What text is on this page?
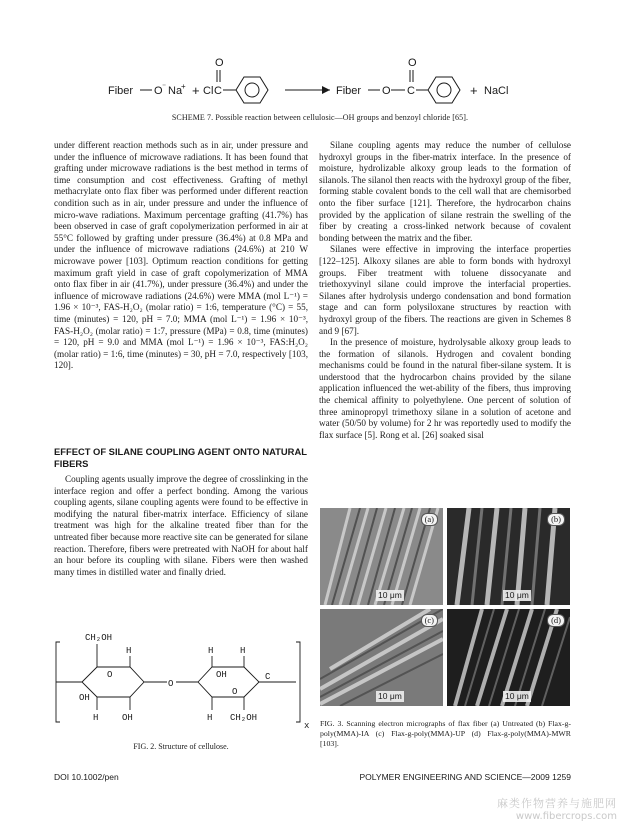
Fiber O ⁻ Na
+ + Cl C
O
Fiber O C
O
+ NaCl
SCHEME 7. Possible reaction between cellulosic—OH groups and benzoyl chloride [65].

under different reaction methods such as in air, under pressure and under the influence of microwave radiations. It has been found that grafting under microwave radiations is the best method in terms of time consumption and cost effectiveness. Grafting of methyl methacrylate onto flax fiber was performed under different reaction condition such as in air, under pressure and under the influence of micro-wave radiations. Maximum percentage grafting (41.7%) has been observed in case of graft copolymerization performed in air at 55°C followed by grafting under pressure (36.4%) at 0.8 MPa and under the influence of microwave radiations (24.6%) at 210 W microwave power [103]. Optimum reaction conditions for getting maximum graft yield in case of graft copolymerization of MMA onto flax fiber in air (41.7%), under pressure (36.4%) and under the influence of microwave radiations (24.6%) were MMA (mol L⁻¹) = 1.96 × 10⁻³, FAS-H₂O₂ (molar ratio) = 1:6, temperature (°C) = 55, time (minutes) = 120, pH = 7.0; MMA (mol L⁻¹) = 1.96 × 10⁻³, FAS-H₂O₂ (molar ratio) = 1:7, pressure (MPa) = 0.8, time (minutes) = 120, pH = 9.0 and MMA (mol L⁻¹) = 1.96 × 10⁻³, FAS:H₂O₂ (molar ratio) = 1:6, time (minutes) = 30, pH = 7.0, respectively [103, 120].

EFFECT OF SILANE COUPLING AGENT ONTO NATURAL FIBERS

Coupling agents usually improve the degree of crosslinking in the interface region and offer a perfect bonding. Among the various coupling agents, silane coupling agents were found to be effective in modifying the natural fiber-matrix interface. Efficiency of silane treatment was high for the alkaline treated fiber than for the untreated fiber because more reactive site can be generated for silane reaction. Therefore, fibers were pretreated with NaOH for about half an hour before its coupling with silane. Fibers were then washed many times in distilled water and finally dried.

x
CH₂OH
O
H
H	OH
OH
O
H	H
OH
O
H CH₂OH
C
FIG. 2. Structure of cellulose.

Silane coupling agents may reduce the number of cellulose hydroxyl groups in the fiber-matrix interface. In the presence of moisture, hydrolizable alkoxy group leads to the formation of silanols. The silanol then reacts with the hydroxyl group of the fiber, forming stable covalent bonds to the cell wall that are chemisorbed onto the fiber surface [121]. Therefore, the hydrocarbon chains provided by the application of silane restrain the swelling of the fiber by creating a cross-linked network because of covalent bonding between the matrix and the fiber.

Silanes were effective in improving the interface properties [122–125]. Alkoxy silanes are able to form bonds with hydroxyl groups. Fiber treatment with toluene dissocyanate and triethoxyvinyl silane could improve the interfacial properties. Silanes after hydrolysis undergo condensation and bond formation stage and can form polysiloxane structures by reaction with hydroxyl group of the fibers. The reactions are given in Schemes 8 and 9 [67].

In the presence of moisture, hydrolysable alkoxy group leads to the formation of silanols. Hydrogen and covalent bonding mechanisms could be found in the natural fiber-silane system. It is understood that the hydrocarbon chains provided by the silane application influenced the wet-ability of the fibers, thus improving the chemical affinity to polyethylene. One percent of solution of three aminopropyl trimethoxy silane in a solution of acetone and water (50/50 by volume) for 2 hr was reportedly used to modify the flax surface [5]. Rong et al. [26] soaked sisal

(a)
10 μm
(b)
10 μm
(c)
10 μm
(d)
10 μm
FIG. 3. Scanning electron micrographs of flax fiber (a) Untreated (b) Flax-g-poly(MMA)-IA (c) Flax-g-poly(MMA)-UP (d) Flax-g-poly(MMA)-MWR [103].
DOI 10.1002/pen	POLYMER ENGINEERING AND SCIENCE—2009 1259
麻类作物营养与施肥网
www.fibercrops.com
